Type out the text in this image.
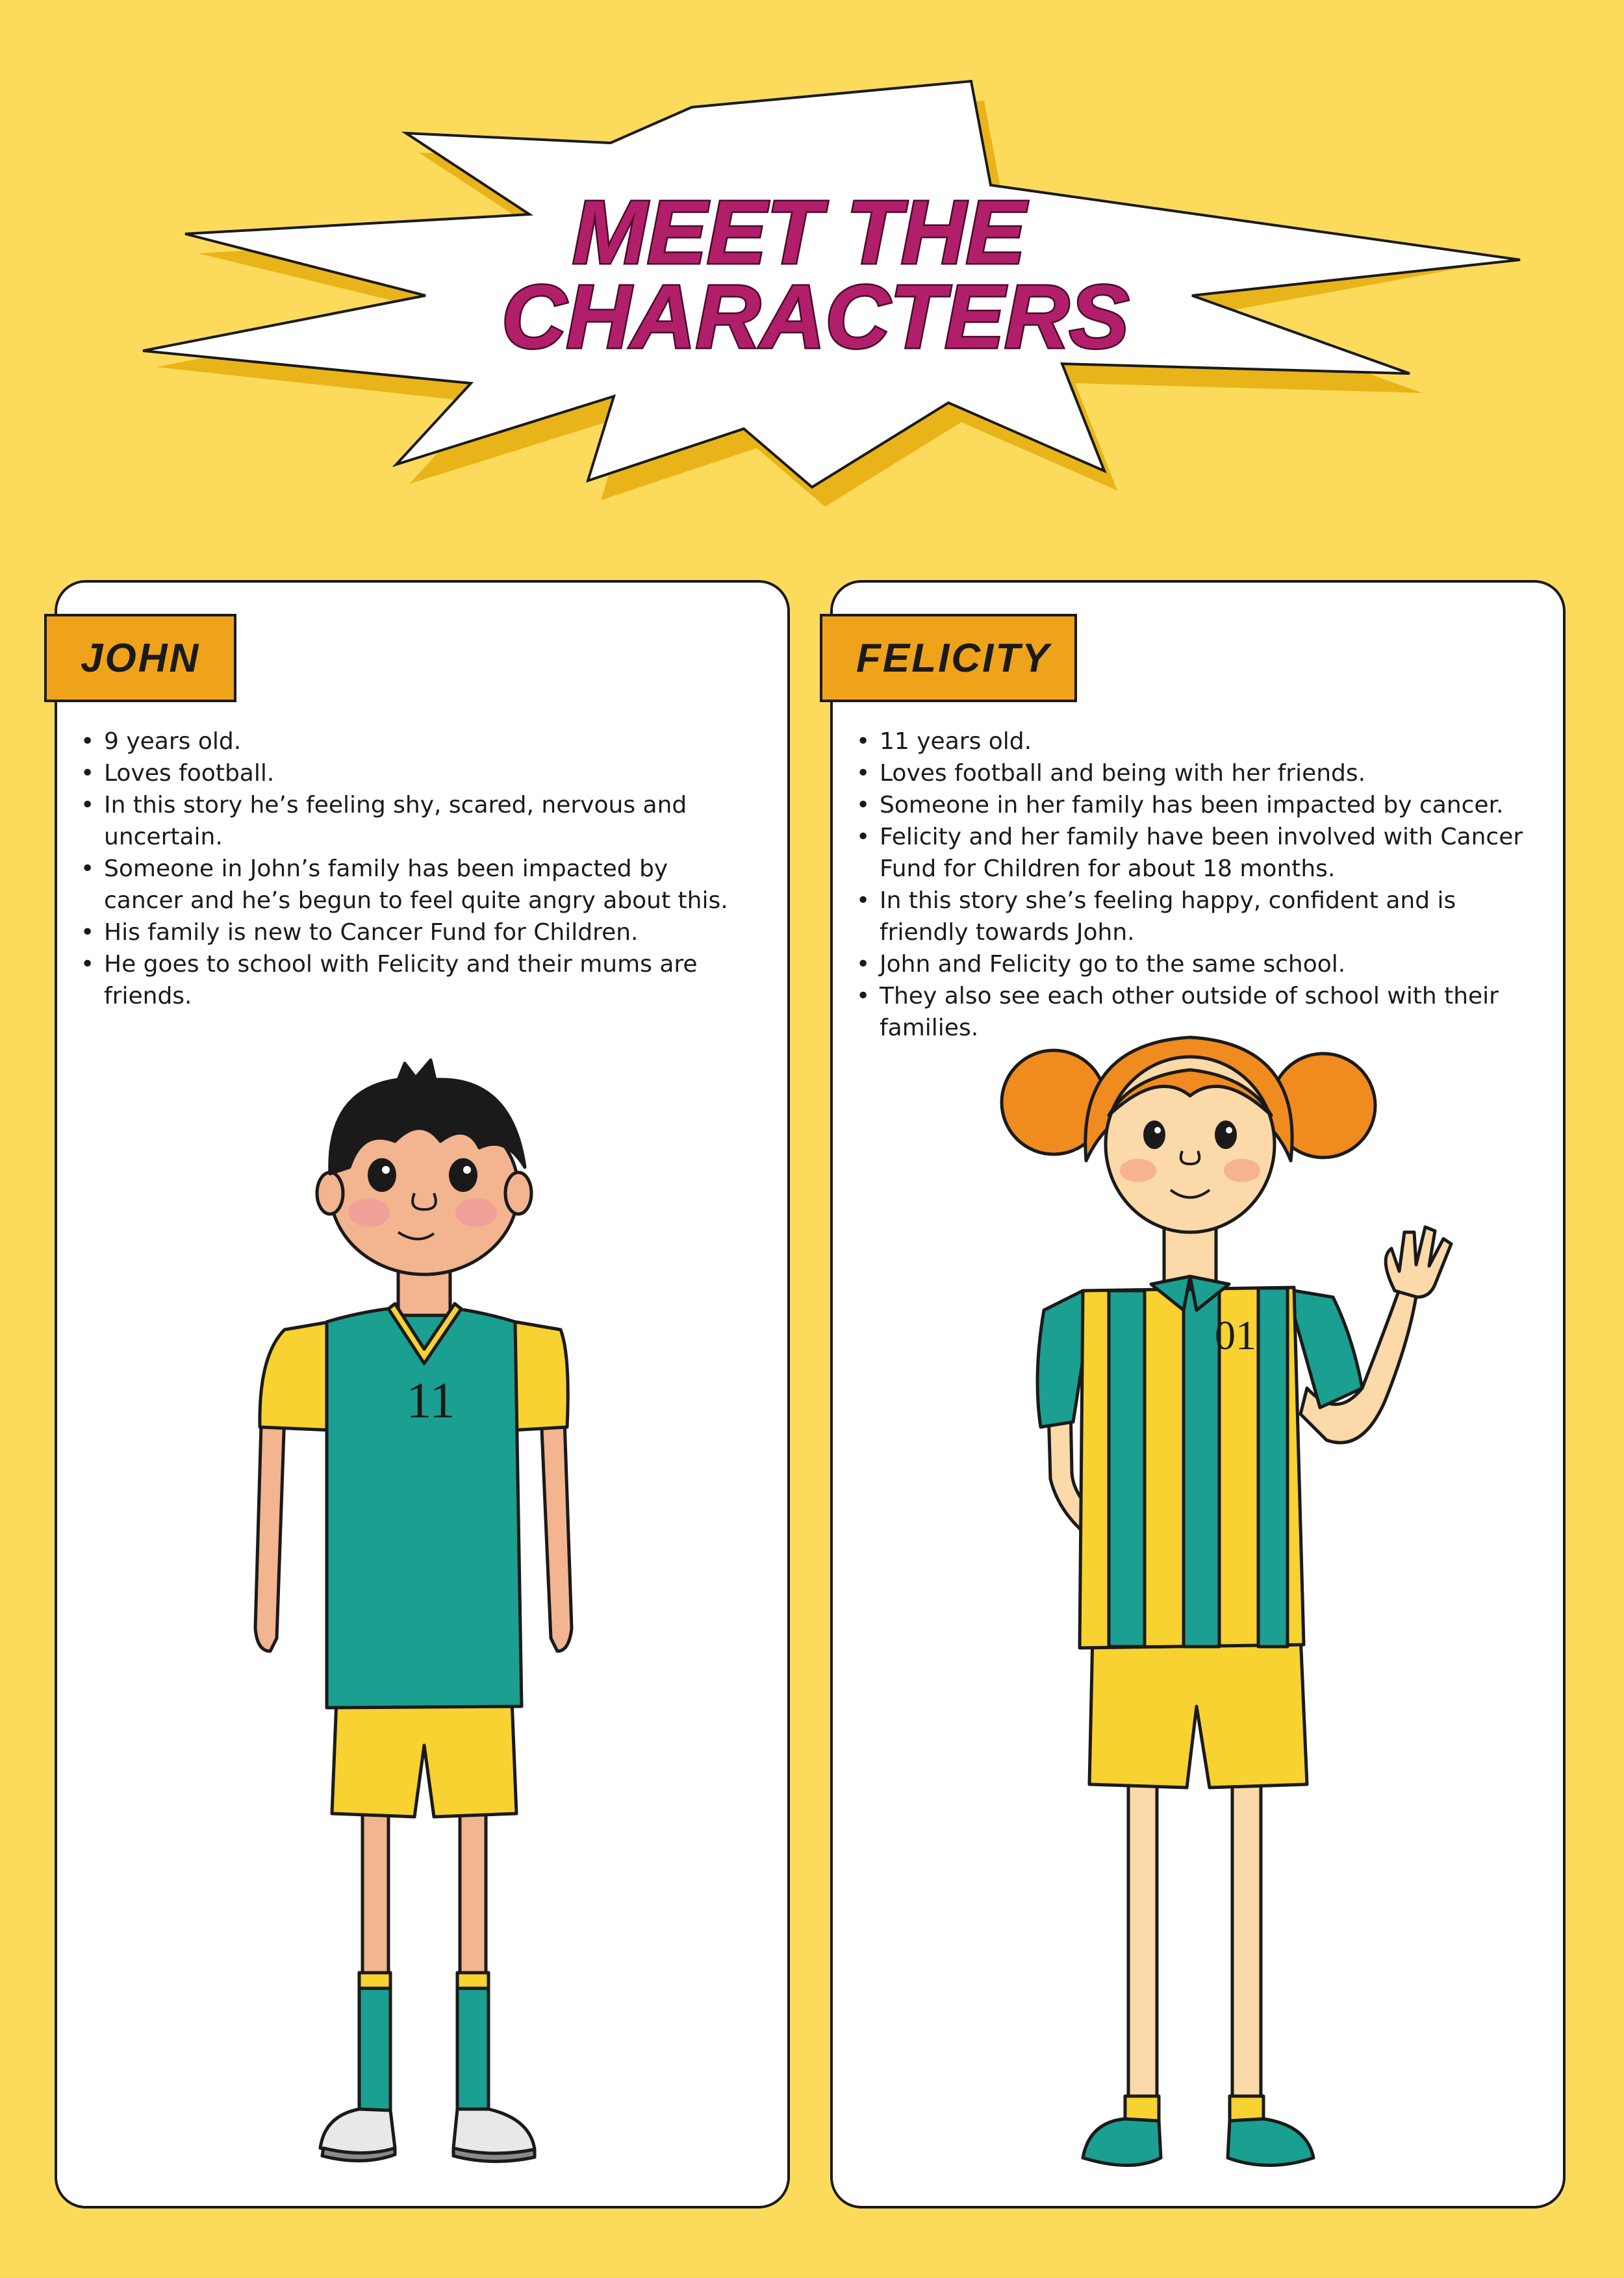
MEET THE
CHARACTERS
JOHN
• 9 years old.
• Loves football.
• In this story he’s feeling shy, scared, nervous and uncertain.
• Someone in John’s family has been impacted by cancer and he’s begun to feel quite angry about this.
• His family is new to Cancer Fund for Children.
• He goes to school with Felicity and their mums are friends.
11
FELICITY
• 11 years old.
• Loves football and being with her friends.
• Someone in her family has been impacted by cancer.
• Felicity and her family have been involved with Cancer Fund for Children for about 18 months.
• In this story she’s feeling happy, confident and is friendly towards John.
• John and Felicity go to the same school.
• They also see each other outside of school with their families.
01
